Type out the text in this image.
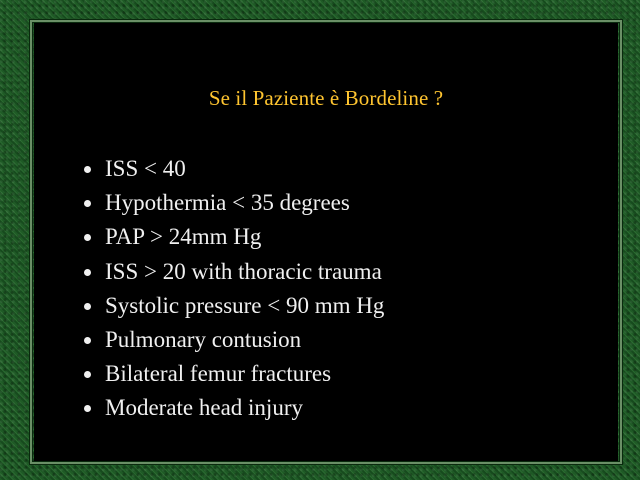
Se il Paziente è Bordeline ?
ISS < 40
Hypothermia < 35 degrees
PAP > 24mm Hg
ISS > 20 with thoracic trauma
Systolic pressure < 90 mm Hg
Pulmonary contusion
Bilateral femur fractures
Moderate head injury
